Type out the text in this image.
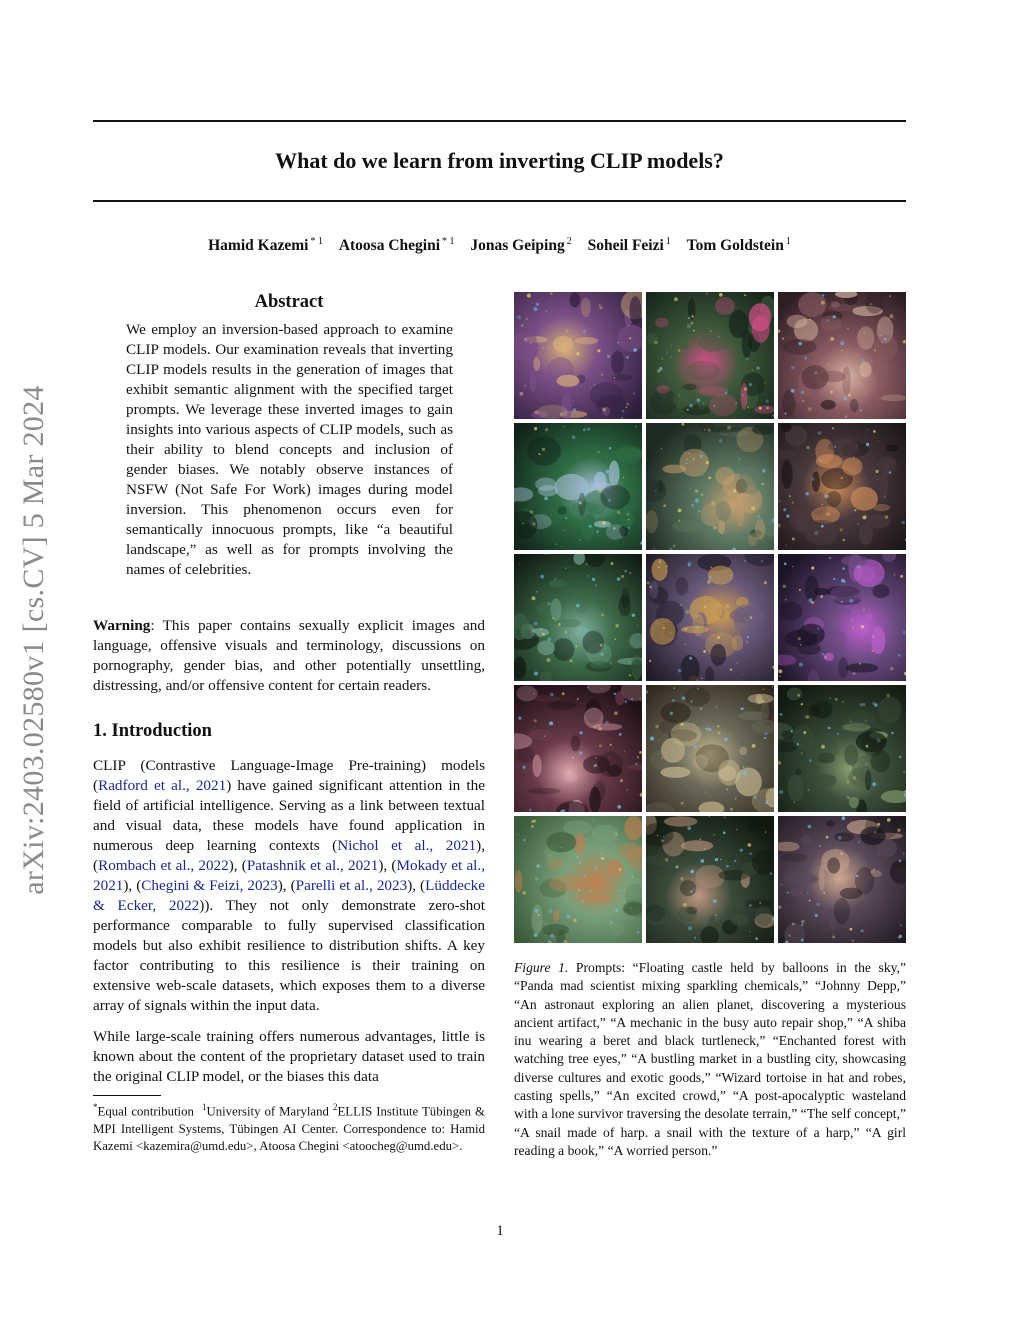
What do we learn from inverting CLIP models?
Hamid Kazemi $^{* 1}$ Atoosa Chegini $^{* 1}$ Jonas Geiping $^2$ Soheil Feizi $^1$ Tom Goldstein $^1$
arXiv:2403.02580v1 [cs.CV] 5 Mar 2024
Abstract
We employ an inversion-based approach to examine CLIP models. Our examination reveals that inverting CLIP models results in the generation of images that exhibit semantic alignment with the specified target prompts. We leverage these inverted images to gain insights into various aspects of CLIP models, such as their ability to blend concepts and inclusion of gender biases. We notably observe instances of NSFW (Not Safe For Work) images during model inversion. This phenomenon occurs even for semantically innocuous prompts, like “a beautiful landscape,” as well as for prompts involving the names of celebrities.
Warning: This paper contains sexually explicit images and language, offensive visuals and terminology, discussions on pornography, gender bias, and other potentially unsettling, distressing, and/or offensive content for certain readers.
1. Introduction
CLIP (Contrastive Language-Image Pre-training) models (Radford et al., 2021) have gained significant attention in the field of artificial intelligence. Serving as a link between textual and visual data, these models have found application in numerous deep learning contexts (Nichol et al., 2021), (Rombach et al., 2022), (Patashnik et al., 2021), (Mokady et al., 2021), (Chegini & Feizi, 2023), (Parelli et al., 2023), (Lüddecke & Ecker, 2022)). They not only demonstrate zero-shot performance comparable to fully supervised classification models but also exhibit resilience to distribution shifts. A key factor contributing to this resilience is their training on extensive web-scale datasets, which exposes them to a diverse array of signals within the input data.
While large-scale training offers numerous advantages, little is known about the content of the proprietary dataset used to train the original CLIP model, or the biases this data
*Equal contribution $^1$University of Maryland $^2$ELLIS Institute Tübingen & MPI Intelligent Systems, Tübingen AI Center. Correspondence to: Hamid Kazemi <kazemira@umd.edu>, Atoosa Chegini <atoocheg@umd.edu>.
Figure 1. Prompts: “Floating castle held by balloons in the sky,” “Panda mad scientist mixing sparkling chemicals,” “Johnny Depp,” “An astronaut exploring an alien planet, discovering a mysterious ancient artifact,” “A mechanic in the busy auto repair shop,” “A shiba inu wearing a beret and black turtleneck,” “Enchanted forest with watching tree eyes,” “A bustling market in a bustling city, showcasing diverse cultures and exotic goods,” “Wizard tortoise in hat and robes, casting spells,” “An excited crowd,” “A post-apocalyptic wasteland with a lone survivor traversing the desolate terrain,” “The self concept,” “A snail made of harp. a snail with the texture of a harp,” “A girl reading a book,” “A worried person.”
1
